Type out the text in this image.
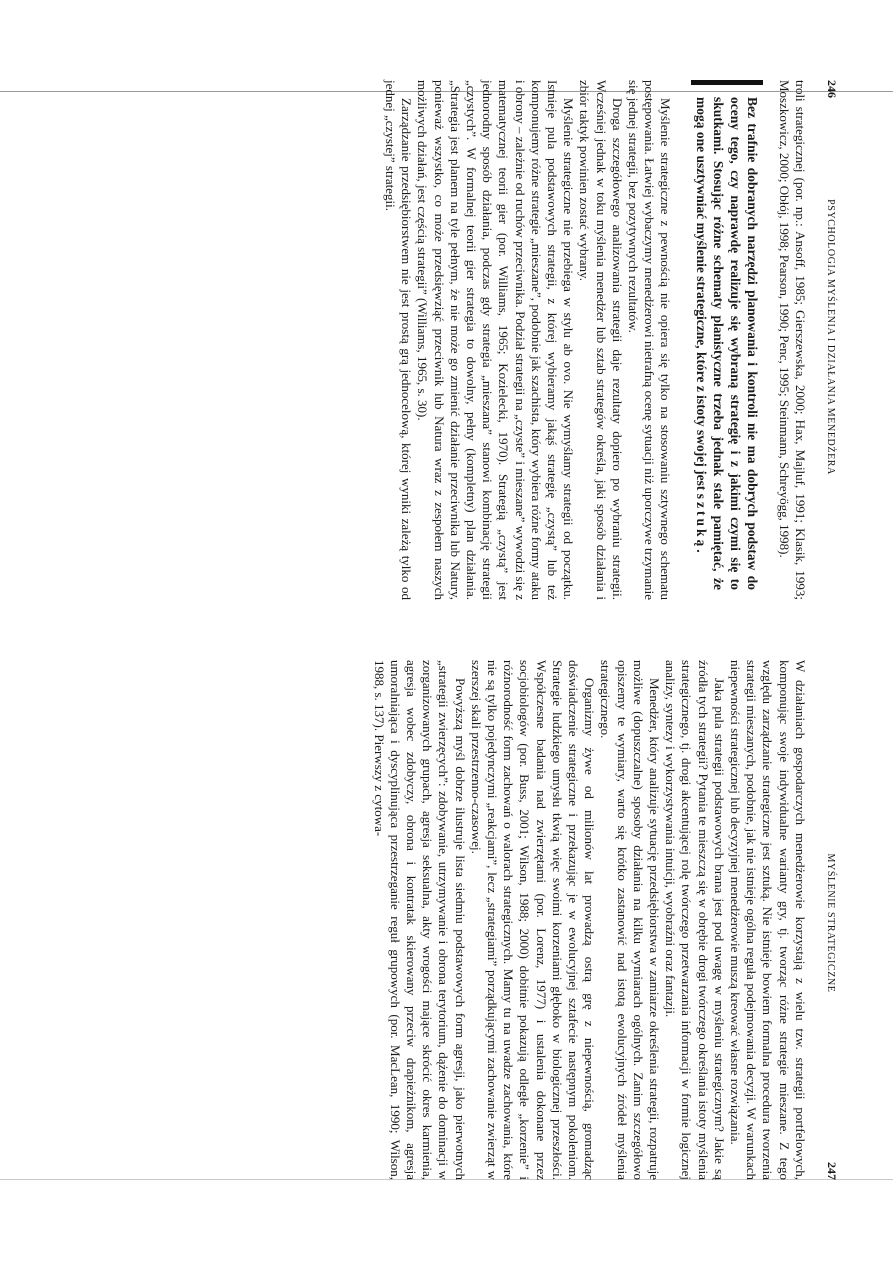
246
PSYCHOLOGIA MYŚLENIA I DZIAŁANIA MENEDŻERA

troli strategicznej (por. np.: Ansoff, 1985; Gierszewska, 2000; Hax, Majluf, 1991; Klasik, 1993; Moszkowicz, 2000; Obłój, 1998; Pearson, 1990; Penc, 1995; Steinmann, Schreyögg, 1998).

Bez trafnie dobranych narzędzi planowania i kontroli nie ma dobrych podstaw do oceny tego, czy naprawdę realizuje się wybraną strategię i z jakimi czymi się to skutkami. Stosując różne schematy planistyczne trzeba jednak stale pamiętać, że mogą one usztywniać myślenie strategiczne, które z istoty swojej jest sztuką.

Myślenie strategiczne z pewnością nie opiera się tylko na stosowaniu sztywnego schematu postępowania. Łatwiej wybaczymy menedżerowi nietrafną ocenę sytuacji niż uporczywe trzymanie się jednej strategii, bez pozytywnych rezultatów.

Droga szczegółowego analizowania strategii daje rezultaty dopiero po wybraniu strategii. Wcześniej jednak w toku myślenia menedżer lub sztab strategów określa, jaki sposób działania i zbiór taktyk powinien zostać wybrany.

Myślenie strategiczne nie przebiega w stylu ab ovo. Nie wymyślamy strategii od początku. Istnieje pula podstawowych strategii, z której wybieramy jakąś strategię „czystą” lub też komponujemy różne strategie „mieszane”, podobnie jak szachista, który wybiera różne formy ataku i obrony – zależnie od ruchów przeciwnika. Podział strategii na „czyste” i mieszane” wywodzi się z matematycznej teorii gier (por. Williams, 1965; Kozielecki, 1970). Strategią „czystą” jest jednorodny sposób działania, podczas gdy strategia „mieszana” stanowi kombinację strategii „czystych”. W formalnej teorii gier strategia to dowolny, pełny (kompletny) plan działania. „Strategia jest planem na tyle pełnym, że nie może go zmienić działanie przeciwnika lub Natury, ponieważ wszystko, co może przedsięwziąć przeciwnik lub Natura wraz z zespołem naszych możliwych działań, jest częścią strategii” (Williams, 1965, s. 30).

Zarządzanie przedsiębiorstwem nie jest prostą grą jednocelową, której wyniki zależą tylko od jednej „czystej” strategii.

MYŚLENIE STRATEGICZNE
247

W działaniach gospodarczych menedżerowie korzystają z wielu tzw. strategii portfelowych, komponując swoje indywidualne warianty gry, tj. tworząc różne strategie mieszane. Z tego względu zarządzanie strategiczne jest sztuką. Nie istnieje bowiem formalna procedura tworzenia strategii mieszanych, podobnie, jak nie istnieje ogólna reguła podejmowania decyzji. W warunkach niepewności strategicznej lub decyzyjnej menedżerowie muszą kreować własne rozwiązania.

Jaka pula strategii podstawowych brana jest pod uwagę w myśleniu strategicznym? Jakie są źródła tych strategii? Pytania te mieszczą się w obrębie drogi twórczego określania istoty myślenia strategicznego, tj. drogi akcentującej rolę twórczego przetwarzania informacji w formie logicznej analizy, syntezy i wykorzystywania intuicji, wyobraźni oraz fantazji.

Menedżer, który analizuje sytuację przedsiębiorstwa w zamiarze określenia strategii, rozpatruje możliwe (dopuszczalne) sposoby działania na kilku wymiarach ogólnych. Zanim szczegółowo opiszemy te wymiary, warto się krótko zastanowić nad istotą ewolucyjnych źródeł myślenia strategicznego.

Organizmy żywe od milionów lat prowadzą ostrą grę z niepewnością, gromadząc doświadczenie strategiczne i przekazując je w ewolucyjnej sztafecie następnym pokoleniom. Strategie ludzkiego umysłu tkwią więc swoimi korzeniami głęboko w biologicznej przeszłości. Współczesne badania nad zwierzętami (por. Lorenz, 1977) i ustalenia dokonane przez socjobiologów (por. Buss, 2001; Wilson, 1988; 2000) dobitnie pokazują odległe „korzenie” i różnorodność form zachowań o walorach strategicznych. Mamy tu na uwadze zachowania, które nie są tylko pojedynczymi „reakcjami”, lecz „strategiami” porządkującymi zachowanie zwierząt w szerszej skali przestrzenno-czasowej.

Powyższą myśl dobrze ilustruje lista siedmiu podstawowych form agresji, jako pierwotnych „strategii zwierzęcych”: zdobywanie, utrzymywanie i obrona terytorium, dążenie do dominacji w zorganizowanych grupach, agresja seksualna, akty wrogości mające skrócić okres karmienia, agresja wobec zdobyczy, obrona i kontratak skierowany przeciw drapieżnikom, agresja umoralniająca i dyscyplinująca przestrzeganie reguł grupowych (por. MacLean, 1990; Wilson, 1988, s. 137). Pierwszy z cytowa-
